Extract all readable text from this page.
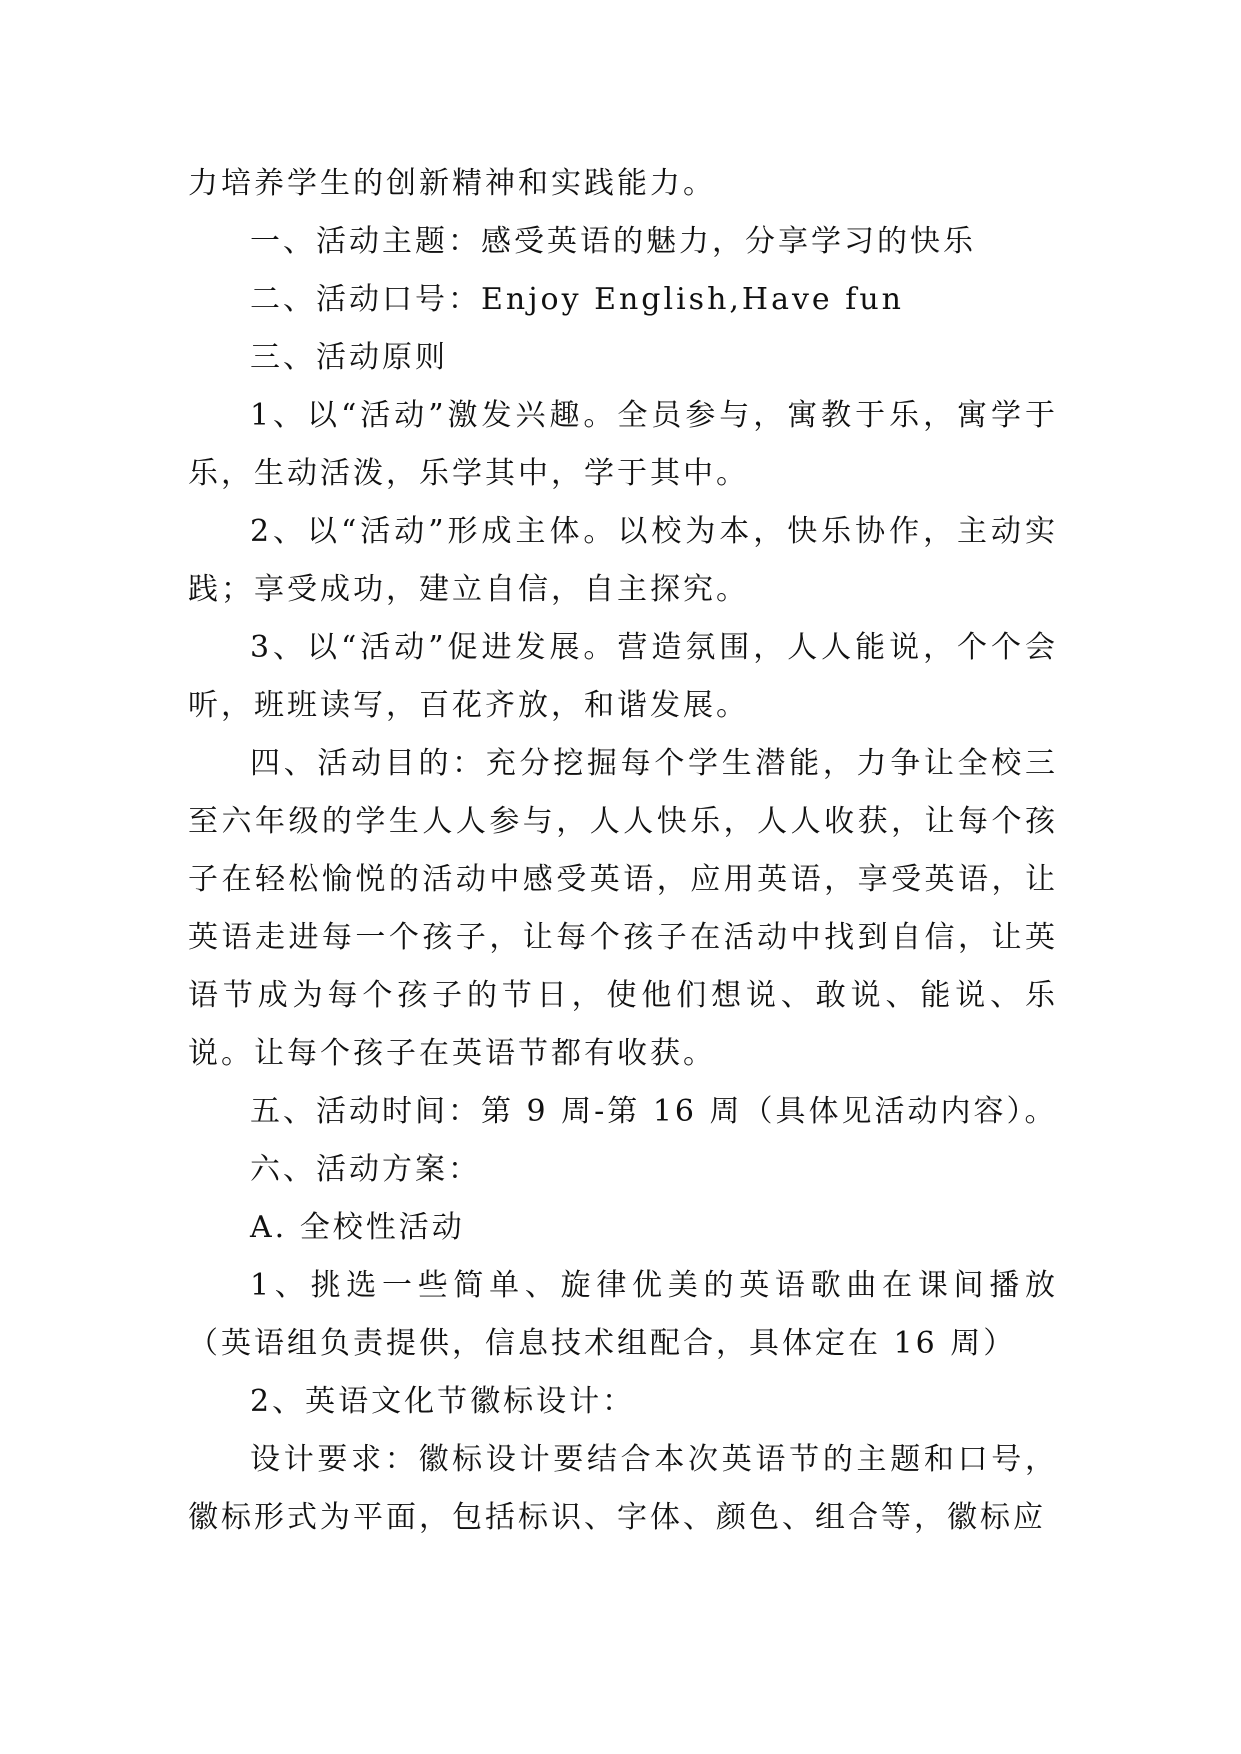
力培养学生的创新精神和实践能力。

一、活动主题：感受英语的魅力，分享学习的快乐

二、活动口号：Enjoy English,Have fun

三、活动原则

1、以“活动”激发兴趣。全员参与，寓教于乐，寓学于乐，生动活泼，乐学其中，学于其中。

2、以“活动”形成主体。以校为本，快乐协作，主动实践；享受成功，建立自信，自主探究。

3、以“活动”促进发展。营造氛围，人人能说，个个会听，班班读写，百花齐放，和谐发展。

四、活动目的：充分挖掘每个学生潜能，力争让全校三至六年级的学生人人参与，人人快乐，人人收获，让每个孩子在轻松愉悦的活动中感受英语，应用英语，享受英语，让英语走进每一个孩子，让每个孩子在活动中找到自信，让英语节成为每个孩子的节日，使他们想说、敢说、能说、乐说。让每个孩子在英语节都有收获。

五、活动时间：第 9 周-第 16 周（具体见活动内容）。

六、活动方案：

A. 全校性活动

1、挑选一些简单、旋律优美的英语歌曲在课间播放（英语组负责提供，信息技术组配合，具体定在 16 周）

2、英语文化节徽标设计：

设计要求：徽标设计要结合本次英语节的主题和口号，徽标形式为平面，包括标识、字体、颜色、组合等，徽标应
